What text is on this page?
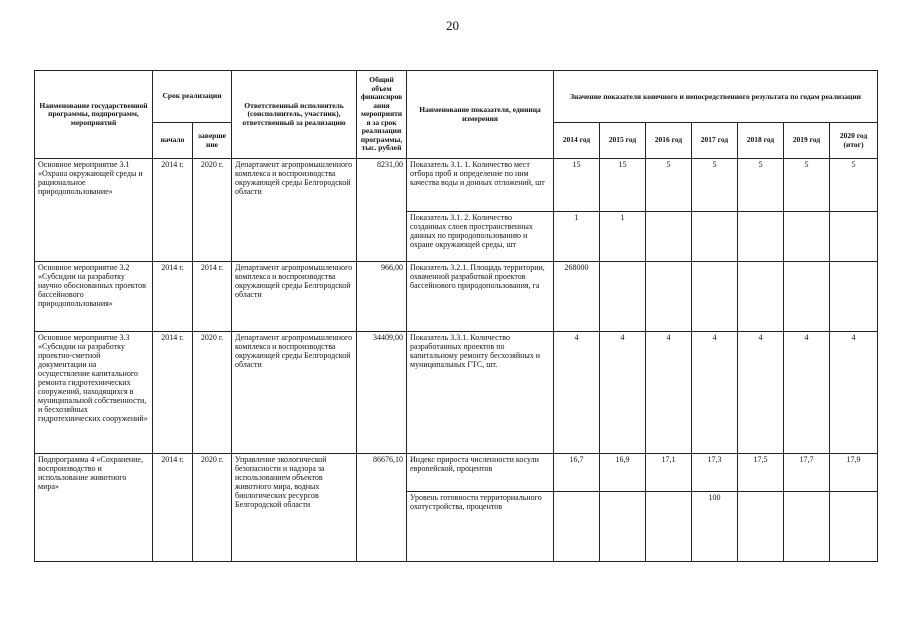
20
Наименование государственной программы, подпрограмм, мероприятий	Срок реализации		Ответственный исполнитель (соисполнитель, участник), ответственный за реализацию	Общий объем финансиров ания мероприяти я за срок реализации программы, тыс. рублей	Наименование показателя, единица измерения	Значение показателя конечного и непосредственного результата по годам реализации						
	начало	заверше ние				2014 год	2015 год	2016 год	2017 год	2018 год	2019 год	2020 год (итог)
Основное мероприятие 3.1 «Охрана окружающей среды и рациональное природопользование»	2014 г.	2020 г.	Департамент агропромышленного комплекса и воспроизводства окружающей среды Белгородской области	8231,00	Показатель 3.1. 1. Количество мест отбора проб и определение по ним качества воды и донных отложений, шт	15	15	5	5	5	5	5
					Показатель 3.1. 2. Количество созданных слоев пространственных данных по природопользованию и охране окружающей среды, шт	1	1					
Основное мероприятие 3.2 «Субсидии на разработку научно обоснованных проектов бассейнового природопользования»	2014 г.	2014 г.	Департамент агропромышленного комплекса и воспроизводства окружающей среды Белгородской области	966,00	Показатель 3.2.1. Площадь территории, охваченной разработкой проектов бассейнового природопользования, га	268000						
Основное мероприятие 3.3 «Субсидии на разработку проектно-сметной документации на осуществление капитального ремонта гидротехнических сооружений, находящихся в муниципальной собственности, и бесхозяйных гидротехнических сооружений»	2014 г.	2020 г.	Департамент агропромышленного комплекса и воспроизводства окружающей среды Белгородской области	34409,00	Показатель 3.3.1. Количество разработанных проектов по капитальному ремонту бесхозяйных и муниципальных ГТС, шт.	4	4	4	4	4	4	4
Подпрограмма 4 «Сохранение, воспроизводство и использование животного мира»	2014 г.	2020 г.	Управление экологической безопасности и надзора за использованием объектов животного мира, водных биологических ресурсов Белгородской области	86676,10	Индекс прироста численности косули европейской, процентов	16,7	16,9	17,1	17,3	17,5	17,7	17,9
					Уровень готовности территориального охотустройства, процентов				100			
